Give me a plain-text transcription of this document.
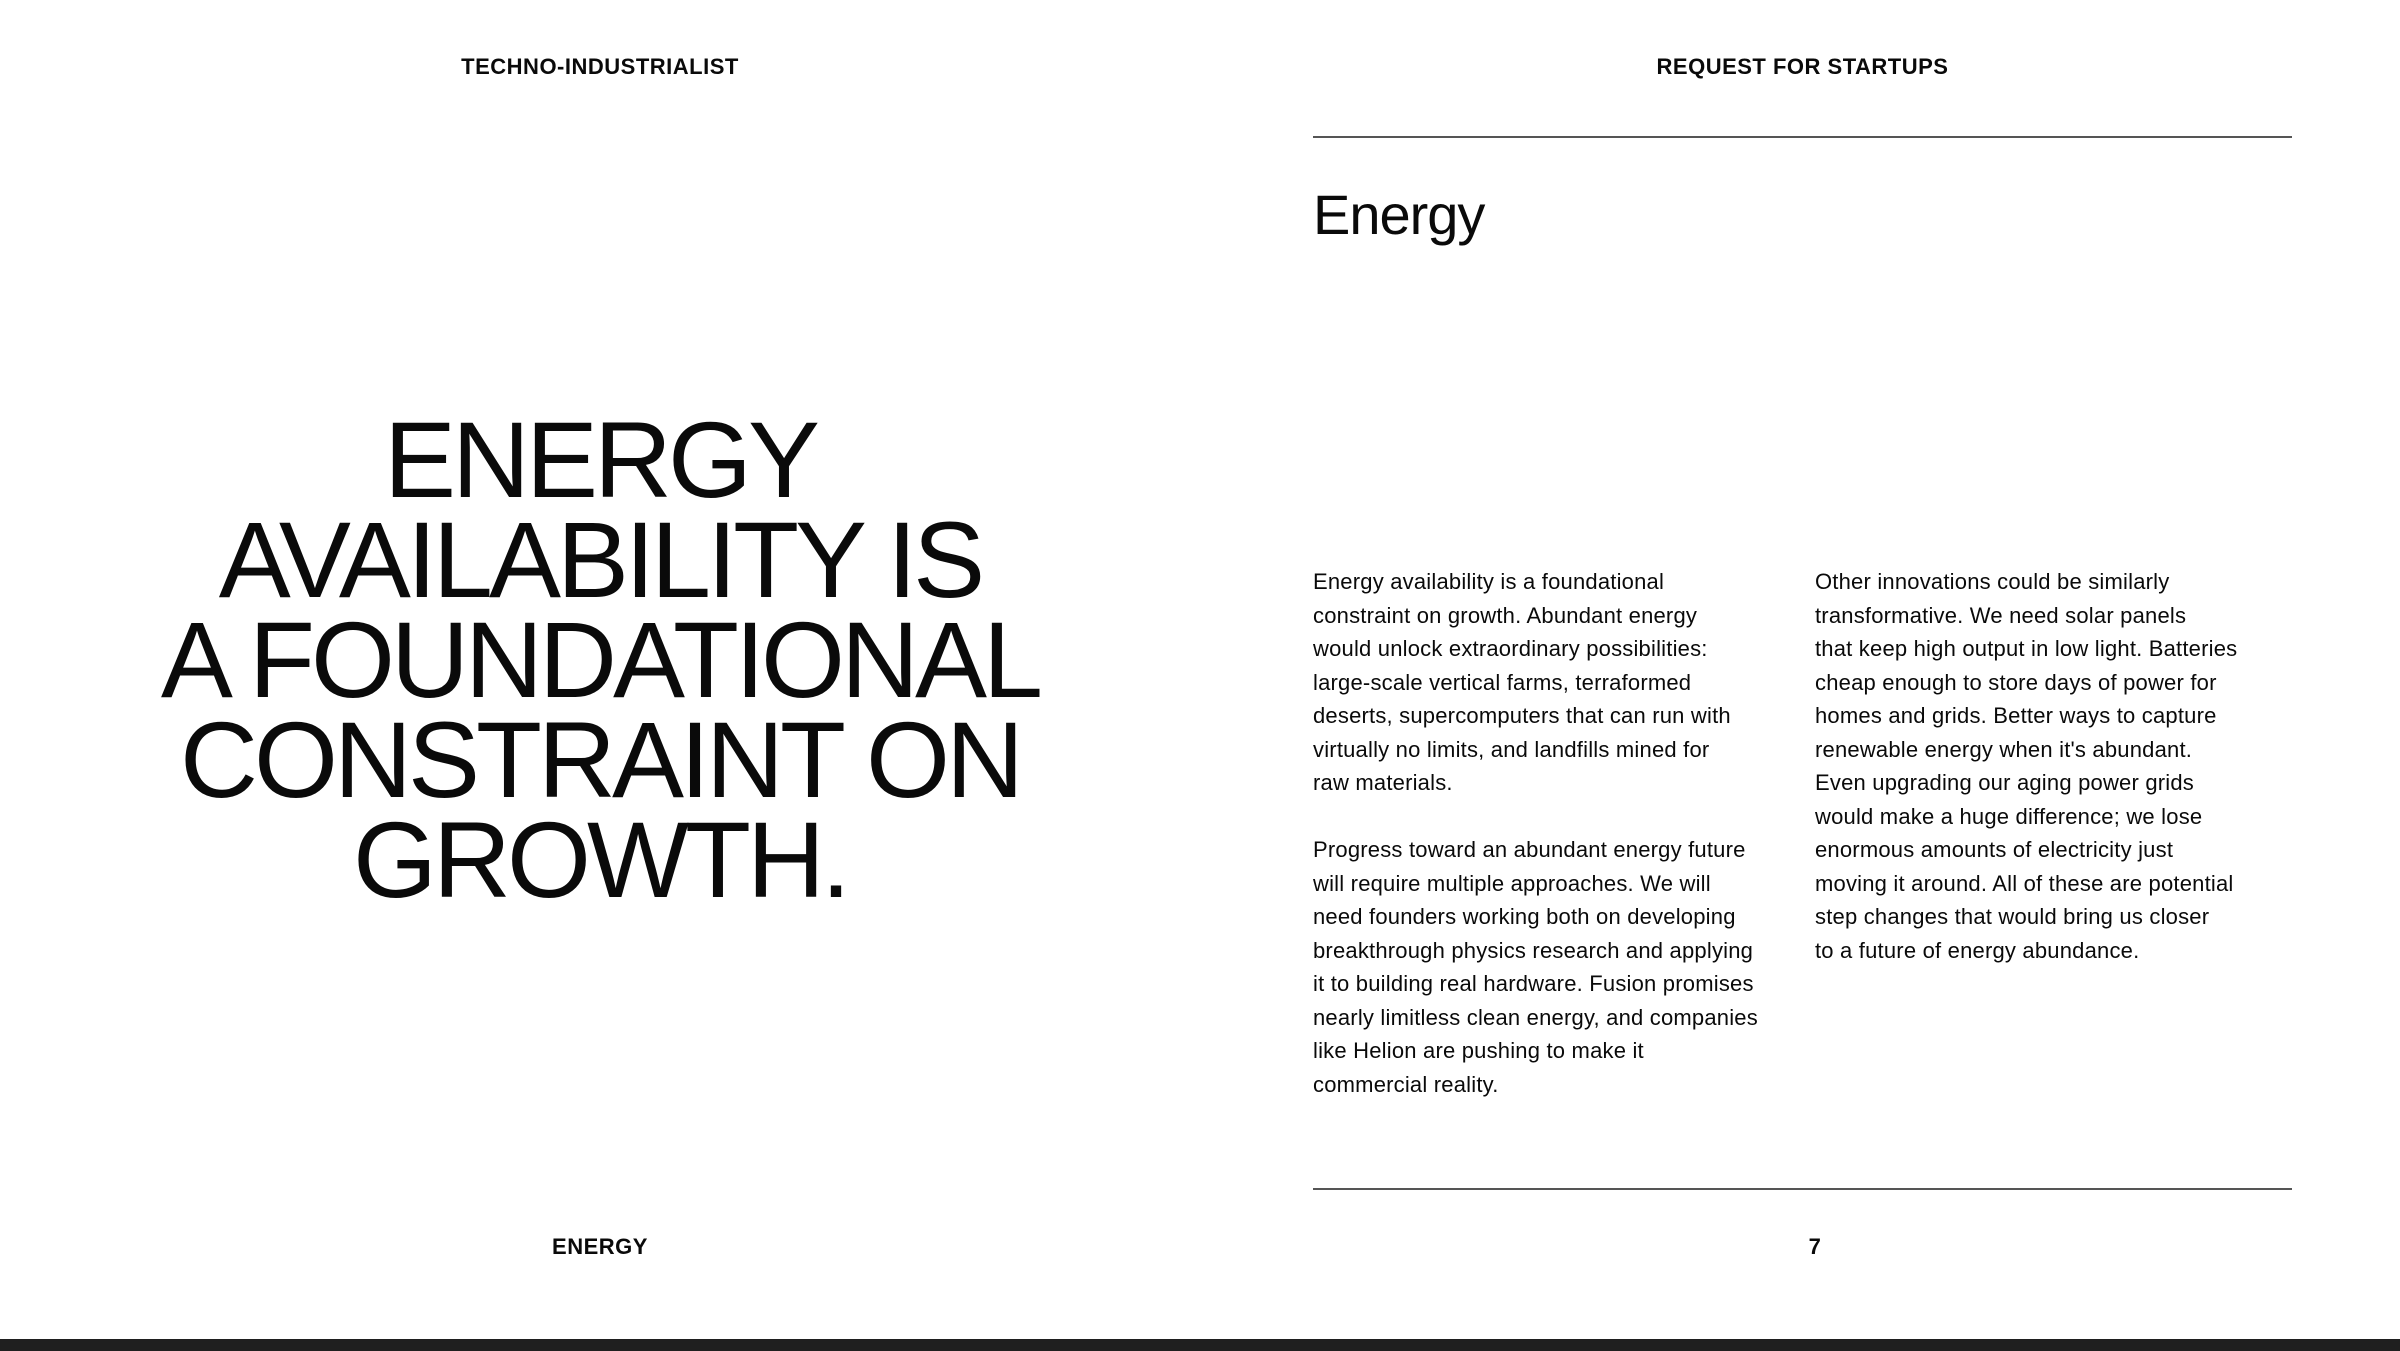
TECHNO-INDUSTRIALIST	REQUEST FOR STARTUPS
Energy
ENERGY
AVAILABILITY IS
A FOUNDATIONAL
CONSTRAINT ON
GROWTH.

Energy availability is a foundational
constraint on growth. Abundant energy
would unlock extraordinary possibilities:
large-scale vertical farms, terraformed
deserts, supercomputers that can run with
virtually no limits, and landfills mined for
raw materials.

Progress toward an abundant energy future
will require multiple approaches. We will
need founders working both on developing
breakthrough physics research and applying
it to building real hardware. Fusion promises
nearly limitless clean energy, and companies
like Helion are pushing to make it
commercial reality.

Other innovations could be similarly
transformative. We need solar panels
that keep high output in low light. Batteries
cheap enough to store days of power for
homes and grids. Better ways to capture
renewable energy when it's abundant.
Even upgrading our aging power grids
would make a huge difference; we lose
enormous amounts of electricity just
moving it around. All of these are potential
step changes that would bring us closer
to a future of energy abundance.

ENERGY	7
